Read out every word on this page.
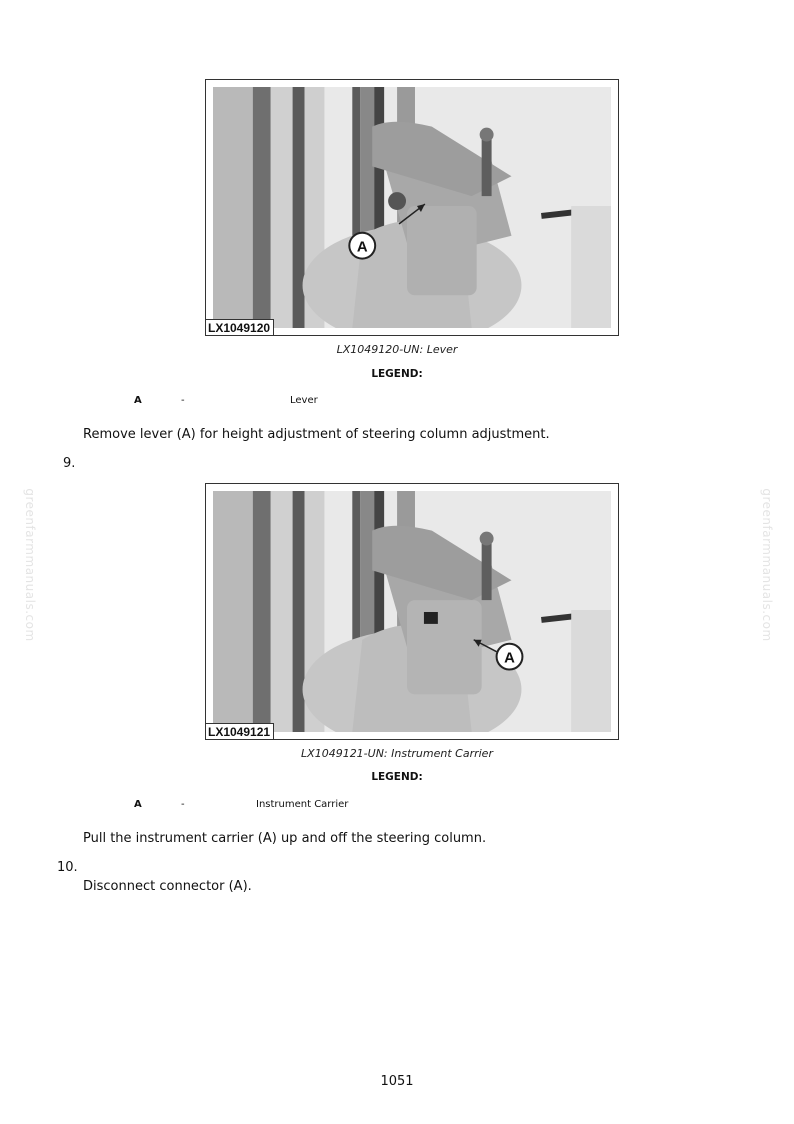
greenfarmmanuals.com	greenfarmmanuals.com
A
LX1049120
LX1049120-UN: Lever
LEGEND:
A	-	Lever
Remove lever (A) for height adjustment of steering column adjustment.
9.
A
LX1049121
LX1049121-UN: Instrument Carrier
LEGEND:
A	-	Instrument Carrier
Pull the instrument carrier (A) up and off the steering column.
10.
Disconnect connector (A).
1051
